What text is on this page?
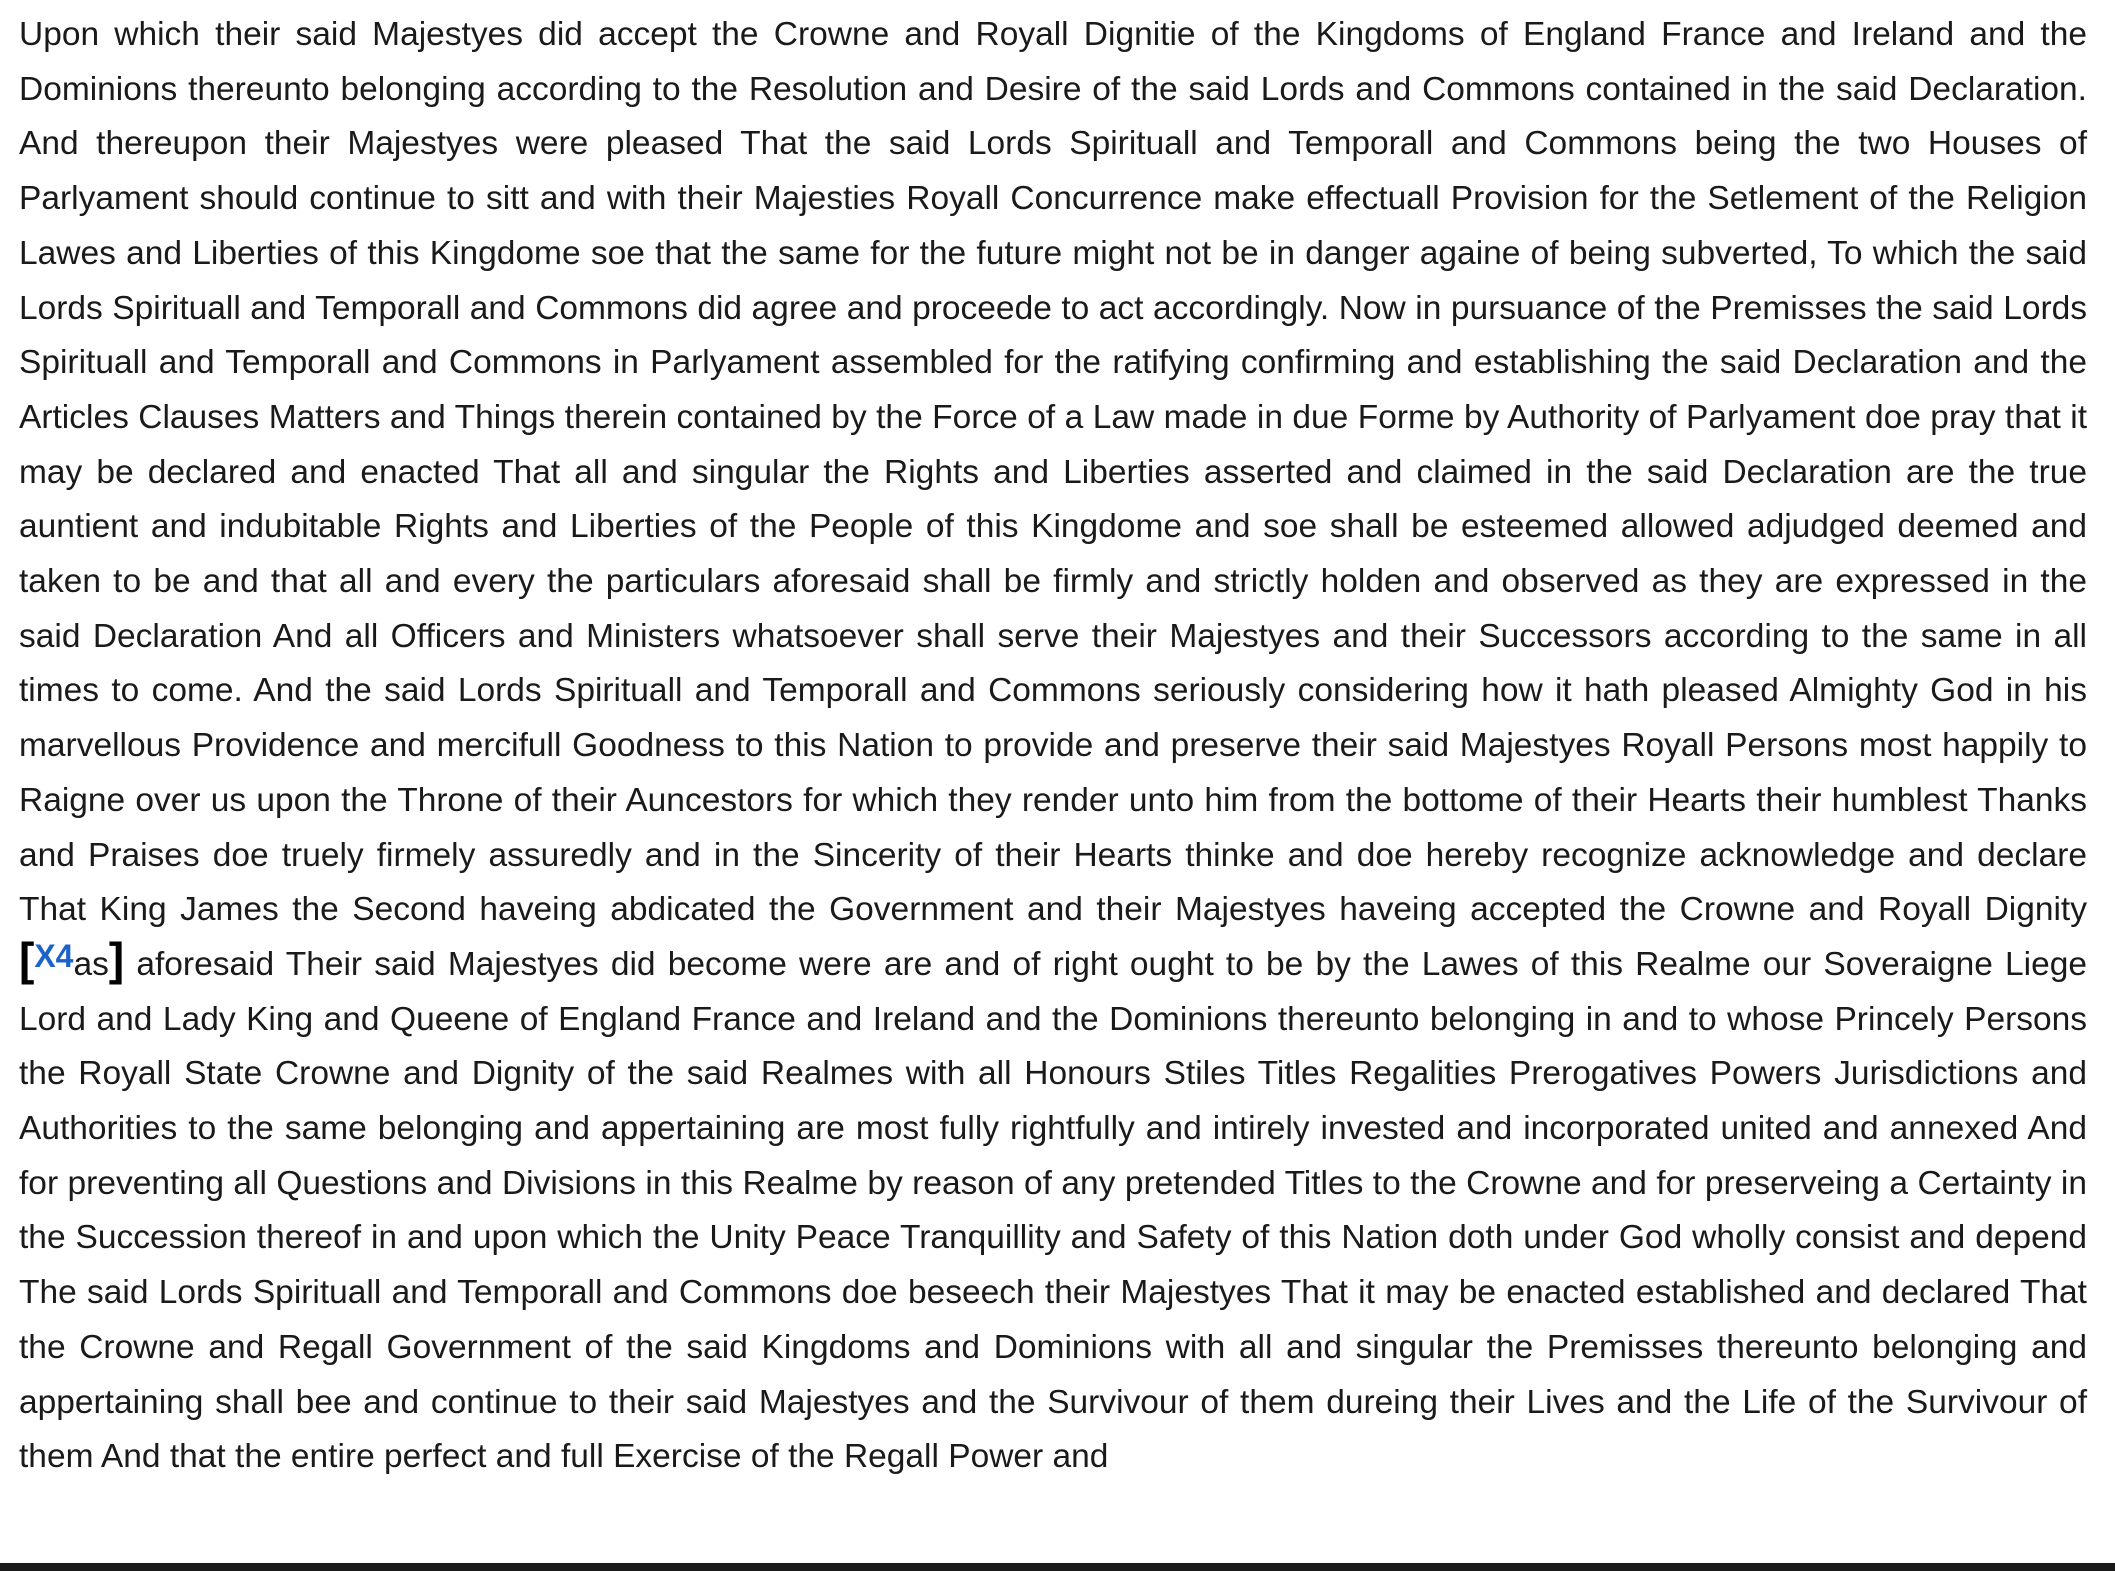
Upon which their said Majestyes did accept the Crowne and Royall Dignitie of the Kingdoms of England France and Ireland and the Dominions thereunto belonging according to the Resolution and Desire of the said Lords and Commons contained in the said Declaration. And thereupon their Majestyes were pleased That the said Lords Spirituall and Temporall and Commons being the two Houses of Parlyament should continue to sitt and with their Majesties Royall Concurrence make effectuall Provision for the Setlement of the Religion Lawes and Liberties of this Kingdome soe that the same for the future might not be in danger againe of being subverted, To which the said Lords Spirituall and Temporall and Commons did agree and proceede to act accordingly. Now in pursuance of the Premisses the said Lords Spirituall and Temporall and Commons in Parlyament assembled for the ratifying confirming and establishing the said Declaration and the Articles Clauses Matters and Things therein contained by the Force of a Law made in due Forme by Authority of Parlyament doe pray that it may be declared and enacted That all and singular the Rights and Liberties asserted and claimed in the said Declaration are the true auntient and indubitable Rights and Liberties of the People of this Kingdome and soe shall be esteemed allowed adjudged deemed and taken to be and that all and every the particulars aforesaid shall be firmly and strictly holden and observed as they are expressed in the said Declaration And all Officers and Ministers whatsoever shall serve their Majestyes and their Successors according to the same in all times to come. And the said Lords Spirituall and Temporall and Commons seriously considering how it hath pleased Almighty God in his marvellous Providence and mercifull Goodness to this Nation to provide and preserve their said Majestyes Royall Persons most happily to Raigne over us upon the Throne of their Auncestors for which they render unto him from the bottome of their Hearts their humblest Thanks and Praises doe truely firmely assuredly and in the Sincerity of their Hearts thinke and doe hereby recognize acknowledge and declare That King James the Second haveing abdicated the Government and their Majestyes haveing accepted the Crowne and Royall Dignity [X4as] aforesaid Their said Majestyes did become were are and of right ought to be by the Lawes of this Realme our Soveraigne Liege Lord and Lady King and Queene of England France and Ireland and the Dominions thereunto belonging in and to whose Princely Persons the Royall State Crowne and Dignity of the said Realmes with all Honours Stiles Titles Regalities Prerogatives Powers Jurisdictions and Authorities to the same belonging and appertaining are most fully rightfully and intirely invested and incorporated united and annexed And for preventing all Questions and Divisions in this Realme by reason of any pretended Titles to the Crowne and for preserveing a Certainty in the Succession thereof in and upon which the Unity Peace Tranquillity and Safety of this Nation doth under God wholly consist and depend The said Lords Spirituall and Temporall and Commons doe beseech their Majestyes That it may be enacted established and declared That the Crowne and Regall Government of the said Kingdoms and Dominions with all and singular the Premisses thereunto belonging and appertaining shall bee and continue to their said Majestyes and the Survivour of them dureing their Lives and the Life of the Survivour of them And that the entire perfect and full Exercise of the Regall Power and
